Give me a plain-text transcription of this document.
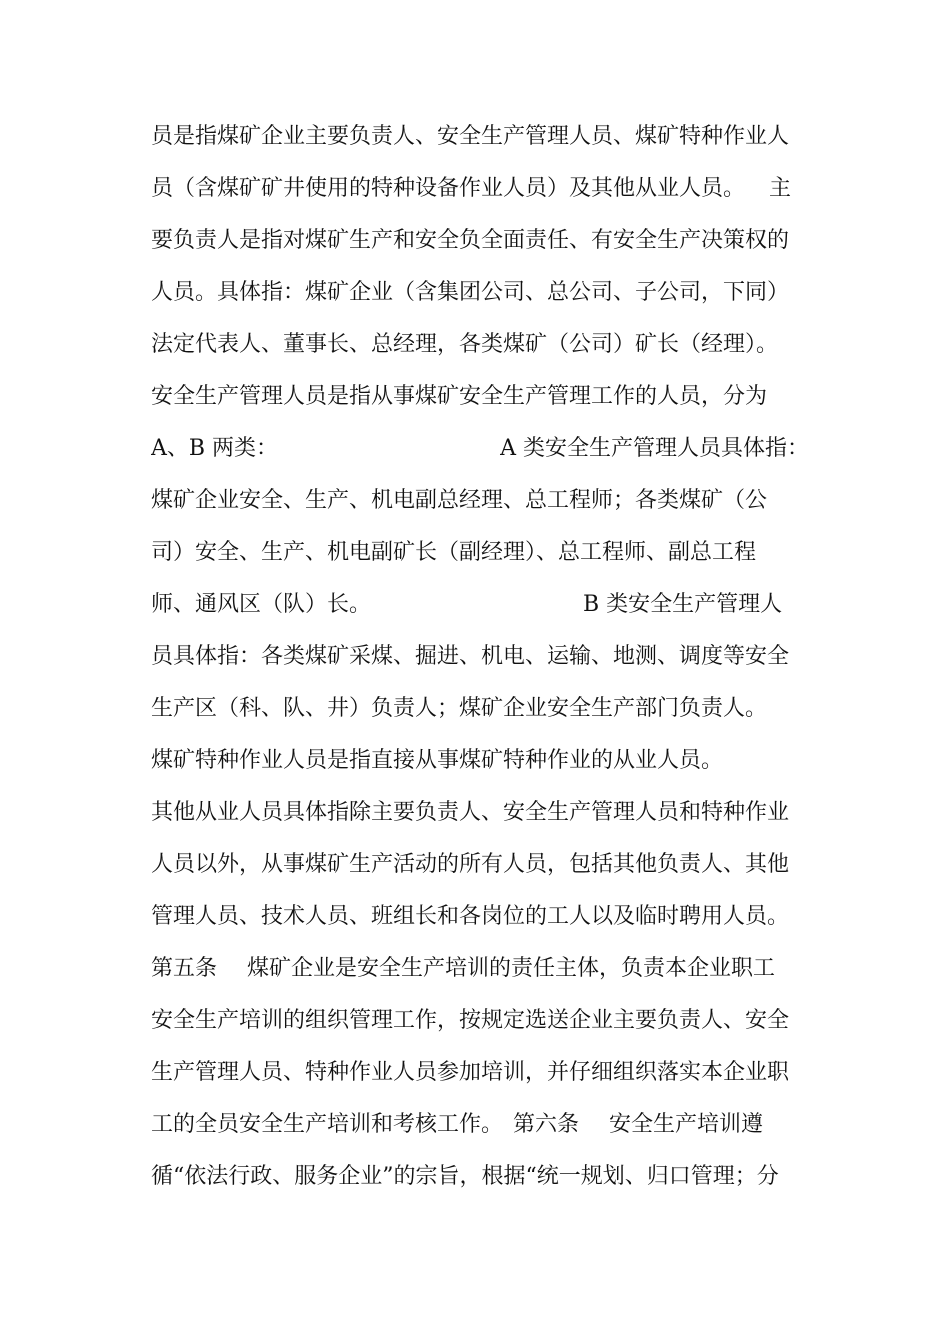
员是指煤矿企业主要负责人、安全生产管理人员、煤矿特种作业人
员（含煤矿矿井使用的特种设备作业人员）及其他从业人员。 主
要负责人是指对煤矿生产和安全负全面责任、有安全生产决策权的
人员。具体指：煤矿企业（含集团公司、总公司、子公司，下同）
法定代表人、董事长、总经理，各类煤矿（公司）矿长（经理）。
安全生产管理人员是指从事煤矿安全生产管理工作的人员，分为
A、B 两类：	A 类安全生产管理人员具体指：
煤矿企业安全、生产、机电副总经理、总工程师；各类煤矿（公
司）安全、生产、机电副矿长（副经理）、总工程师、副总工程
师、通风区（队）长。	B 类安全生产管理人
员具体指：各类煤矿采煤、掘进、机电、运输、地测、调度等安全
生产区（科、队、井）负责人；煤矿企业安全生产部门负责人。
煤矿特种作业人员是指直接从事煤矿特种作业的从业人员。
其他从业人员具体指除主要负责人、安全生产管理人员和特种作业
人员以外，从事煤矿生产活动的所有人员，包括其他负责人、其他
管理人员、技术人员、班组长和各岗位的工人以及临时聘用人员。
第五条 煤矿企业是安全生产培训的责任主体，负责本企业职工
安全生产培训的组织管理工作，按规定选送企业主要负责人、安全
生产管理人员、特种作业人员参加培训，并仔细组织落实本企业职
工的全员安全生产培训和考核工作。 第六条 安全生产培训遵
循“依法行政、服务企业”的宗旨，根据“统一规划、归口管理；分
